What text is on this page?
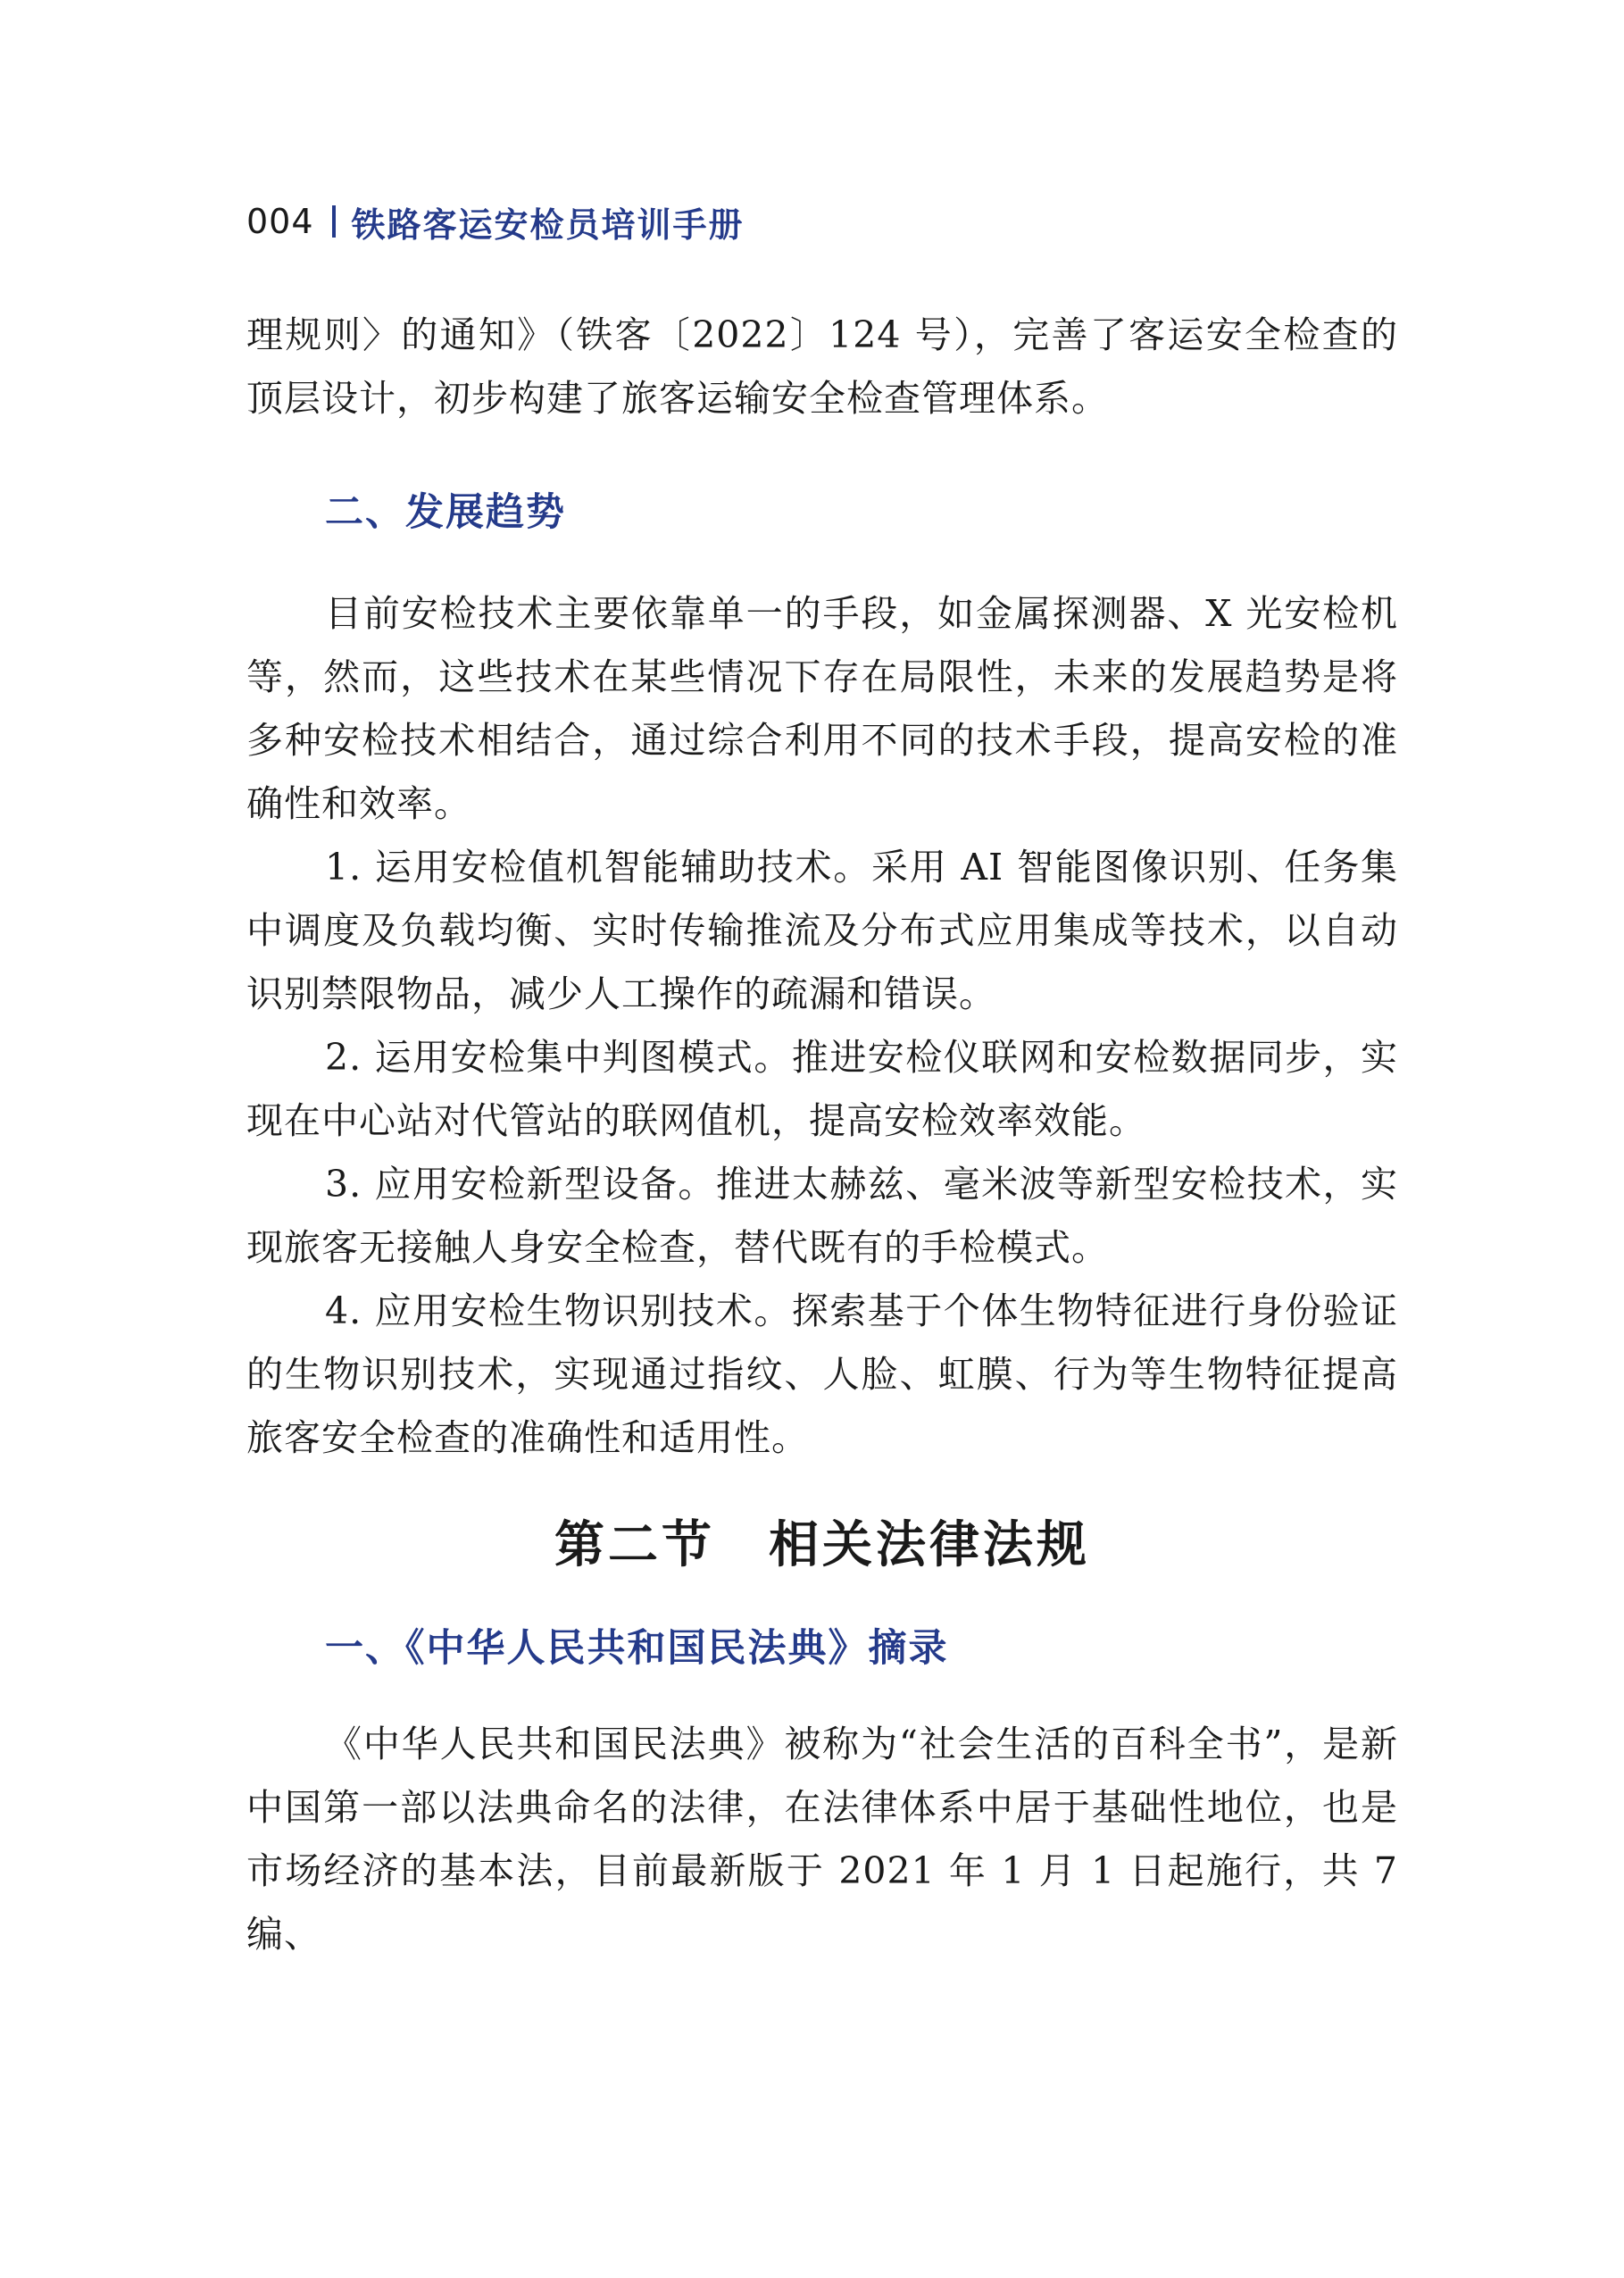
004 铁路客运安检员培训手册

理规则〉的通知》（铁客〔2022〕124 号），完善了客运安全检查的顶层设计，初步构建了旅客运输安全检查管理体系。

二、发展趋势

目前安检技术主要依靠单一的手段，如金属探测器、X 光安检机等，然而，这些技术在某些情况下存在局限性，未来的发展趋势是将多种安检技术相结合，通过综合利用不同的技术手段，提高安检的准确性和效率。

1. 运用安检值机智能辅助技术。采用 AI 智能图像识别、任务集中调度及负载均衡、实时传输推流及分布式应用集成等技术，以自动识别禁限物品，减少人工操作的疏漏和错误。

2. 运用安检集中判图模式。推进安检仪联网和安检数据同步，实现在中心站对代管站的联网值机，提高安检效率效能。

3. 应用安检新型设备。推进太赫兹、毫米波等新型安检技术，实现旅客无接触人身安全检查，替代既有的手检模式。

4. 应用安检生物识别技术。探索基于个体生物特征进行身份验证的生物识别技术，实现通过指纹、人脸、虹膜、行为等生物特征提高旅客安全检查的准确性和适用性。

第二节　相关法律法规
一、《中华人民共和国民法典》摘录

《中华人民共和国民法典》被称为“社会生活的百科全书”，是新中国第一部以法典命名的法律，在法律体系中居于基础性地位，也是市场经济的基本法，目前最新版于 2021 年 1 月 1 日起施行，共 7 编、
